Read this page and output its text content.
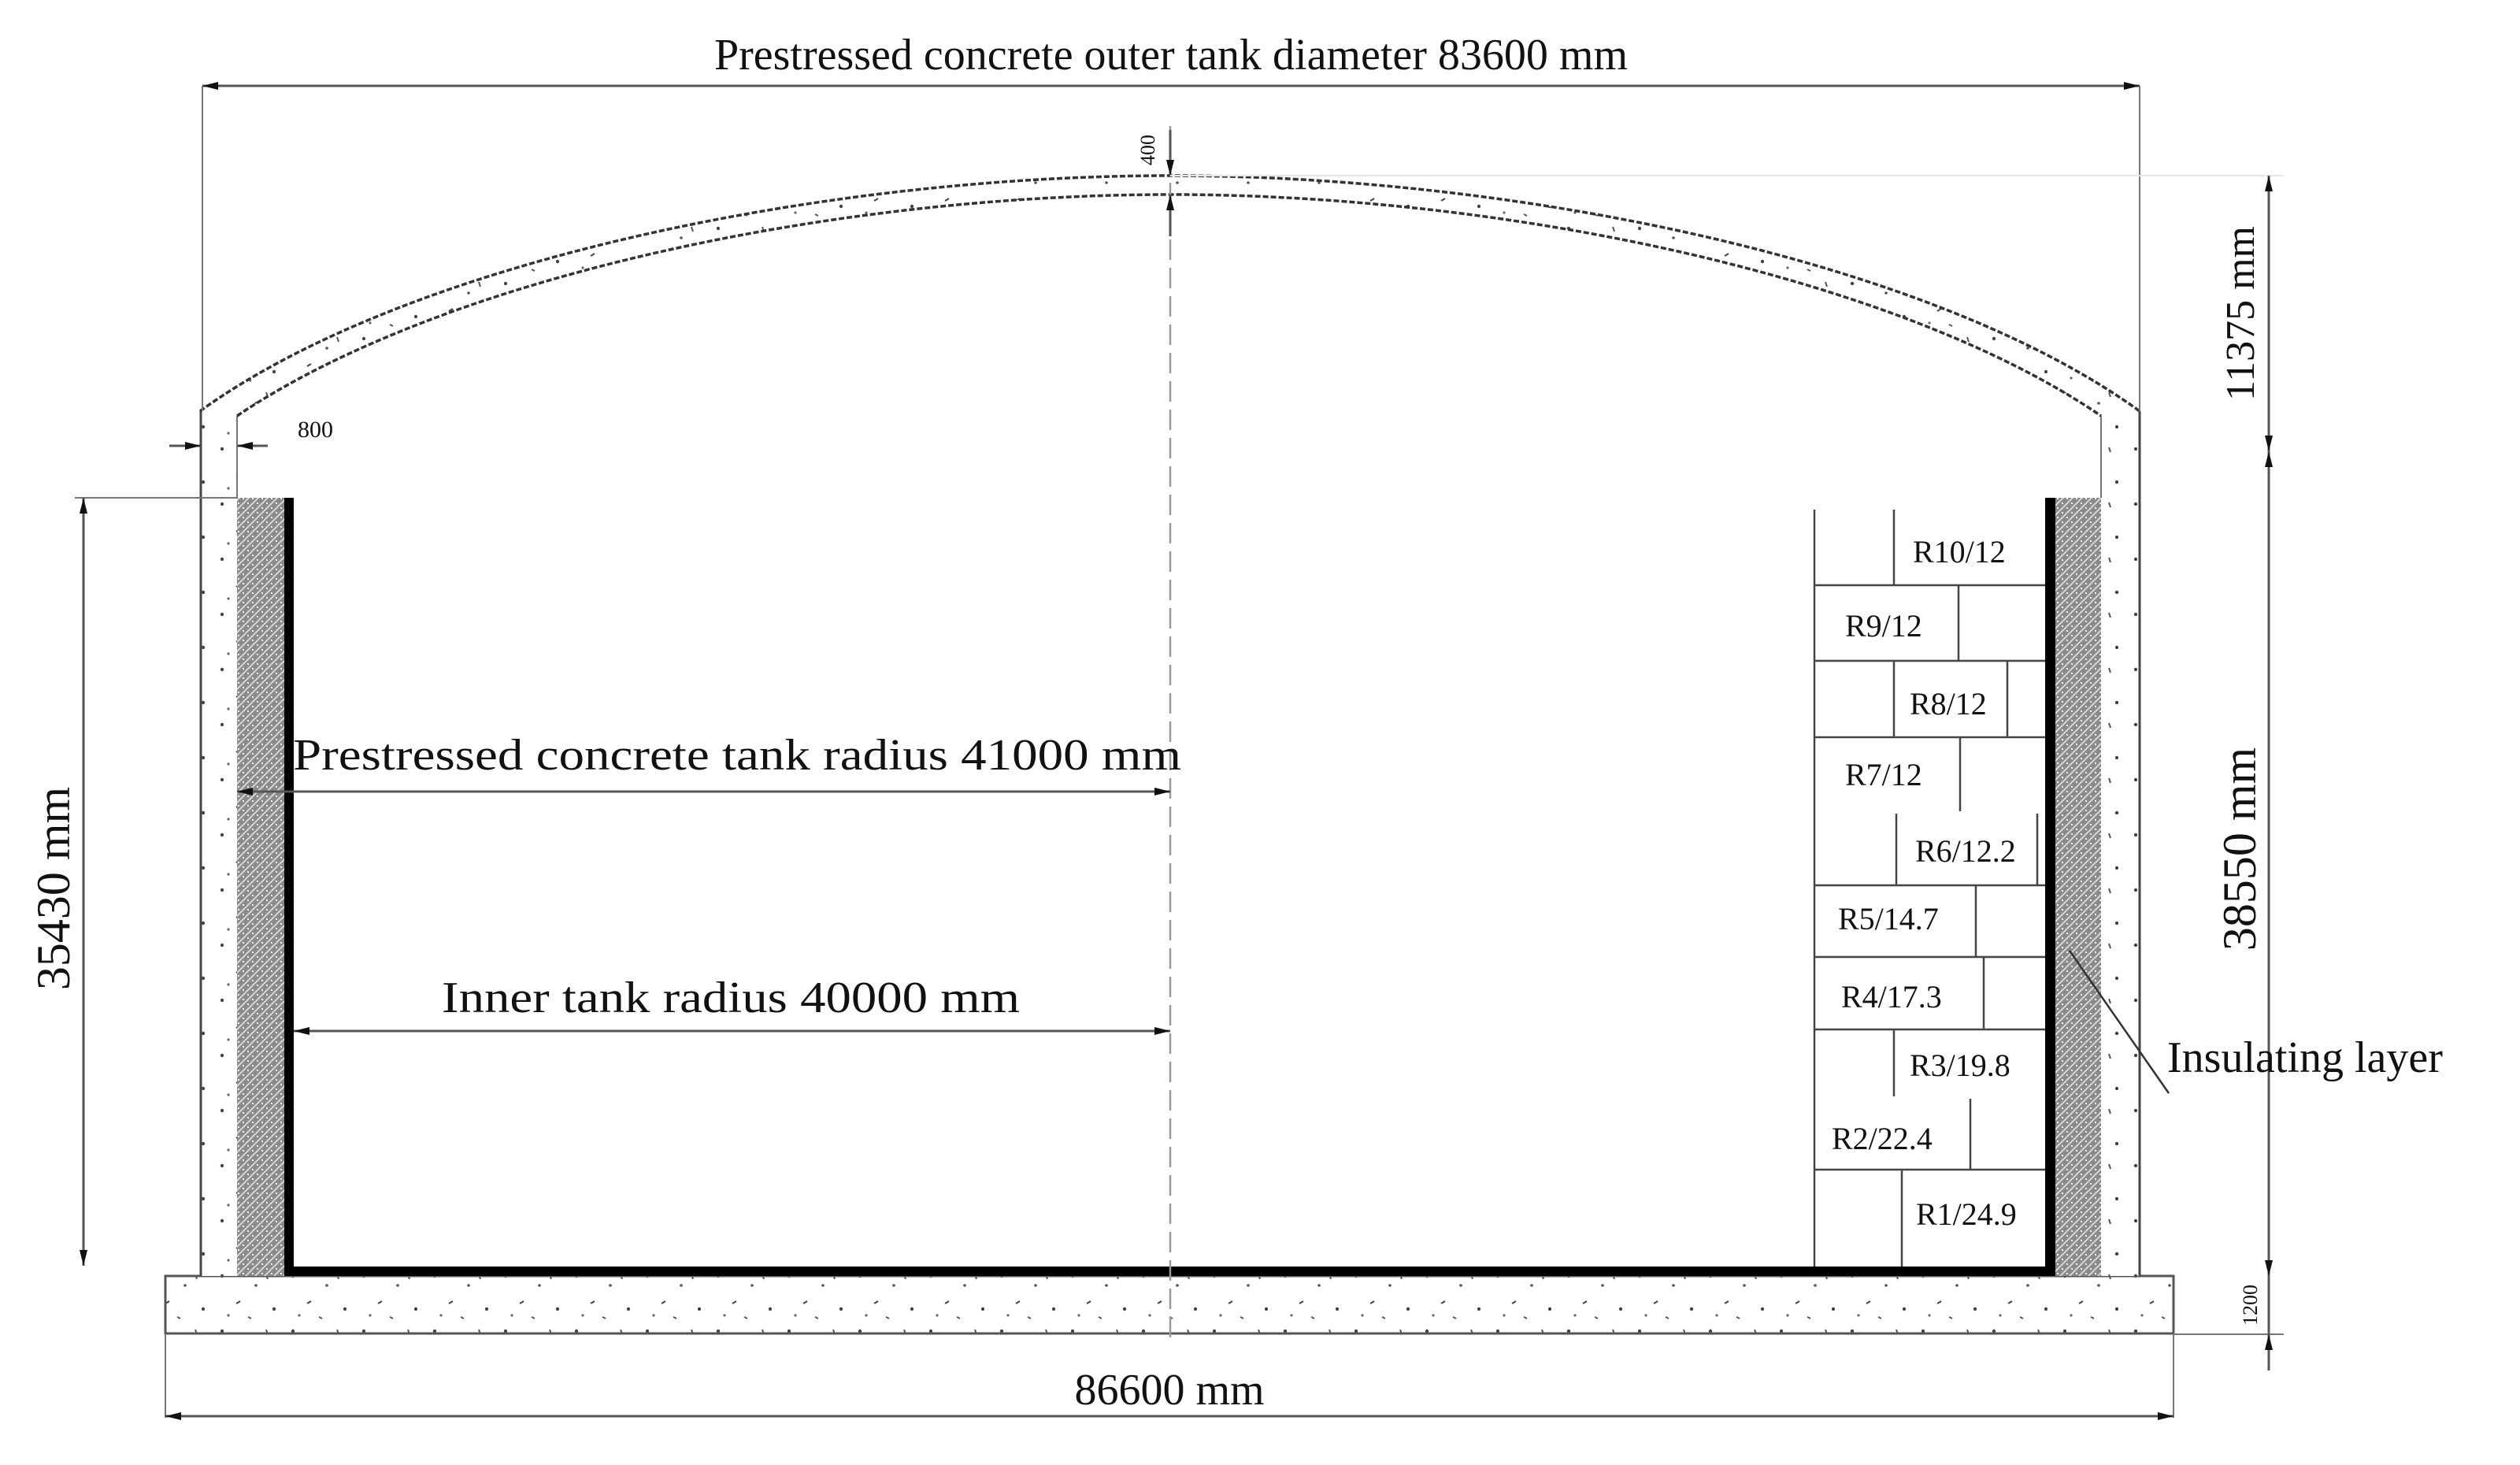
R10/12
R9/12
R8/12
R7/12
R6/12.2
R5/14.7
R4/17.3
R3/19.8
R2/22.4
R1/24.9
Prestressed concrete outer tank diameter 83600 mm
400
800
11375 mm
38550 mm
1200
35430 mm
Prestressed concrete tank radius 41000 mm
Inner tank radius 40000 mm
86600 mm
Insulating layer
